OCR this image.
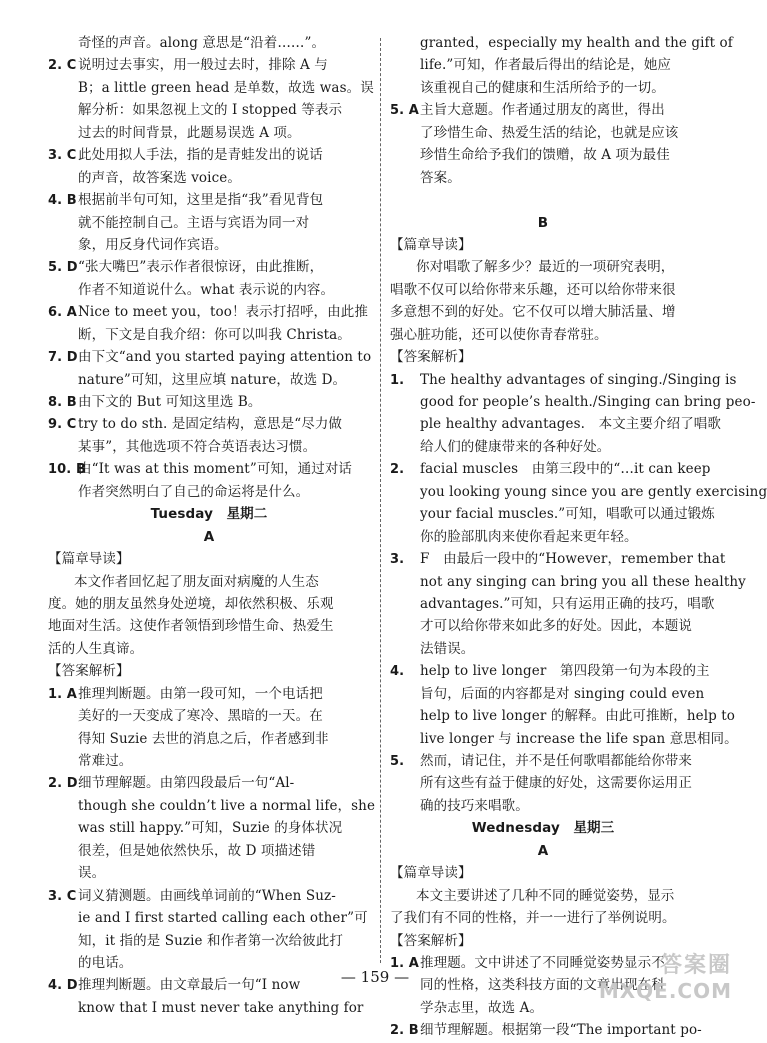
奇怪的声音。along 意思是“沿着……”。
2. C 说明过去事实，用一般过去时，排除 A 与
B；a little green head 是单数，故选 was。误
解分析：如果忽视上文的 I stopped 等表示
过去的时间背景，此题易误选 A 项。
3. C 此处用拟人手法，指的是青蛙发出的说话
的声音，故答案选 voice。
4. B根据前半句可知，这里是指“我”看见背包
就不能控制自己。主语与宾语为同一对
象，用反身代词作宾语。
5. D“张大嘴巴”表示作者很惊讶，由此推断，
作者不知道说什么。what 表示说的内容。
6. ANice to meet you，too！表示打招呼，由此推
断，下文是自我介绍：你可以叫我 Christa。
7. D由下文“and you started paying attention to
nature”可知，这里应填 nature，故选 D。
8. B由下文的 But 可知这里选 B。
9. C try to do sth. 是固定结构，意思是“尽力做
某事”，其他选项不符合英语表达习惯。
10. B由“It was at this moment”可知，通过对话
作者突然明白了自己的命运将是什么。
Tuesday　星期二
A
【篇章导读】
本文作者回忆起了朋友面对病魔的人生态
度。她的朋友虽然身处逆境，却依然积极、乐观
地面对生活。这使作者领悟到珍惜生命、热爱生
活的人生真谛。
【答案解析】
1. A推理判断题。由第一段可知，一个电话把
美好的一天变成了寒冷、黑暗的一天。在
得知 Suzie 去世的消息之后，作者感到非
常难过。
2. D细节理解题。由第四段最后一句“Al-
though she couldn’t live a normal life，she
was still happy.”可知，Suzie 的身体状况
很差，但是她依然快乐，故 D 项描述错
误。
3. C 词义猜测题。由画线单词前的“When Suz-
ie and I first started calling each other”可
知，it 指的是 Suzie 和作者第一次给彼此打
的电话。
4. D推理判断题。由文章最后一句“I now
know that I must never take anything for
granted，especially my health and the gift of
life.”可知，作者最后得出的结论是，她应
该重视自己的健康和生活所给予的一切。
5. A主旨大意题。作者通过朋友的离世，得出
了珍惜生命、热爱生活的结论，也就是应该
珍惜生命给予我们的馈赠，故 A 项为最佳
答案。
B
【篇章导读】
你对唱歌了解多少？最近的一项研究表明，
唱歌不仅可以给你带来乐趣，还可以给你带来很
多意想不到的好处。它不仅可以增大肺活量、增
强心脏功能，还可以使你青春常驻。
【答案解析】
1. The healthy advantages of singing./Singing is
good for people’s health./Singing can bring peo-
ple healthy advantages.　本文主要介绍了唱歌
给人们的健康带来的各种好处。
2. facial muscles　由第三段中的“…it can keep
you looking young since you are gently exercising
your facial muscles.”可知，唱歌可以通过锻炼
你的脸部肌肉来使你看起来更年轻。
3. F　由最后一段中的“However，remember that
not any singing can bring you all these healthy
advantages.”可知，只有运用正确的技巧，唱歌
才可以给你带来如此多的好处。因此，本题说
法错误。
4. help to live longer　第四段第一句为本段的主
旨句，后面的内容都是对 singing could even
help to live longer 的解释。由此可推断，help to
live longer 与 increase the life span 意思相同。
5. 然而，请记住，并不是任何歌唱都能给你带来
所有这些有益于健康的好处，这需要你运用正
确的技巧来唱歌。
Wednesday　星期三
A
【篇章导读】
本文主要讲述了几种不同的睡觉姿势，显示
了我们有不同的性格，并一一进行了举例说明。
【答案解析】
1. A推理题。文中讲述了不同睡觉姿势显示不
同的性格，这类科技方面的文章出现在科
学杂志里，故选 A。
2. B细节理解题。根据第一段“The important po-
— 159 —	答案圈
MXQE.COM
